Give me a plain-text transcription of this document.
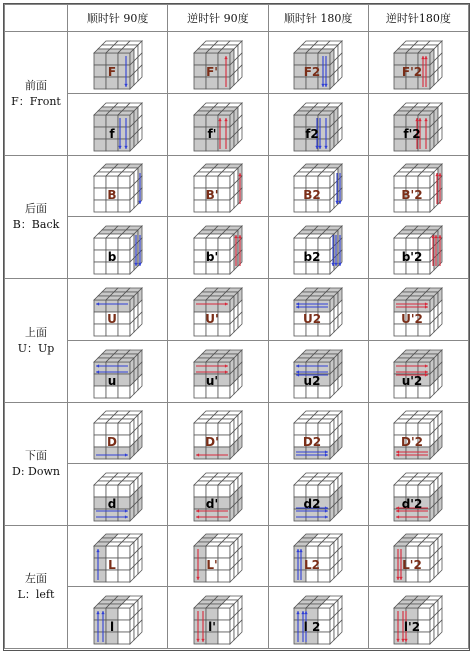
	顺时针 90度	逆时针 90度	顺时针 180度	逆时针180度

前面
F：Front	F	F'	F2	F'2

f	f'	f2	f'2

后面
B：Back	B	B'	B2	B'2

b	b'	b2	b'2

上面
U：Up	U	U'	U2	U'2

u	u'	u2	u'2

下面
D: Down	D	D'	D2	D'2

d	d'	d2	d'2

左面
L：left	L	L'	L2	L'2

l	l'	l 2	l'2
